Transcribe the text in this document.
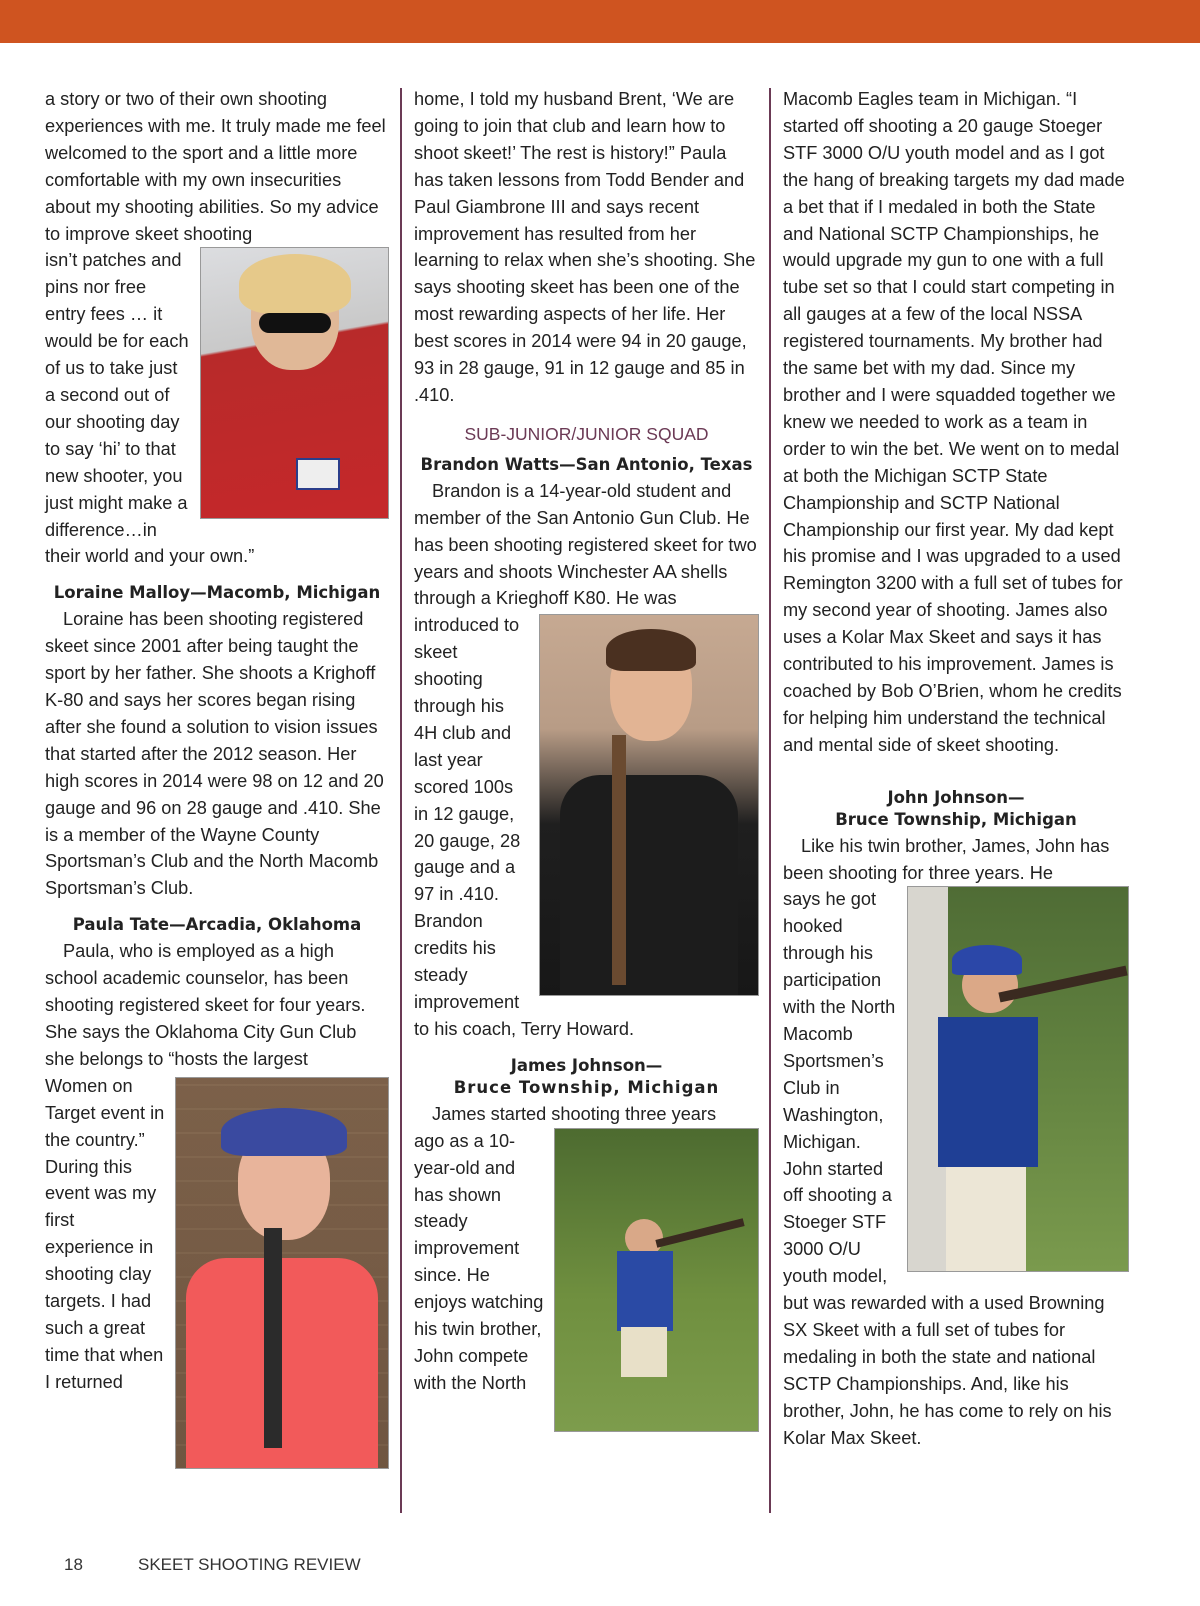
a story or two of their own shooting experiences with me. It truly made me feel welcomed to the sport and a little more comfortable with my own insecurities about my shooting abilities. So my advice to improve skeet shooting

isn’t patches and pins nor free entry fees … it would be for each of us to take just a second out of our shooting day to say ‘hi’ to that new shooter, you just might make a difference…in their world and your own.”

Loraine Malloy—Macomb, Michigan

Loraine has been shooting registered skeet since 2001 after being taught the sport by her father. She shoots a Krighoff K-80 and says her scores began rising after she found a solution to vision issues that started after the 2012 season. Her high scores in 2014 were 98 on 12 and 20 gauge and 96 on 28 gauge and .410. She is a member of the Wayne County Sportsman’s Club and the North Macomb Sportsman’s Club.

Paula Tate—Arcadia, Oklahoma

Paula, who is employed as a high school academic counselor, has been shooting registered skeet for four years. She says the Oklahoma City Gun Club she belongs to “hosts the largest

Women on Target event in the country.” During this event was my first experience in shooting clay targets. I had such a great time that when I returned

home, I told my husband Brent, ‘We are going to join that club and learn how to shoot skeet!’ The rest is history!” Paula has taken lessons from Todd Bender and Paul Giambrone III and says recent improvement has resulted from her learning to relax when she’s shooting. She says shooting skeet has been one of the most rewarding aspects of her life. Her best scores in 2014 were 94 in 20 gauge, 93 in 28 gauge, 91 in 12 gauge and 85 in .410.

SUB-JUNIOR/JUNIOR SQUAD

Brandon Watts—San Antonio, Texas

Brandon is a 14-year-old student and member of the San Antonio Gun Club. He has been shooting registered skeet for two years and shoots Winchester AA shells through a Krieghoff K80. He was

introduced to skeet shooting through his 4H club and last year scored 100s in 12 gauge, 20 gauge, 28 gauge and a 97 in .410. Brandon credits his steady improvement to his coach, Terry Howard.

James Johnson—

Bruce Township, Michigan

James started shooting three years

ago as a 10-year-old and has shown steady improvement since. He enjoys watching his twin brother, John compete with the North

Macomb Eagles team in Michigan. “I started off shooting a 20 gauge Stoeger STF 3000 O/U youth model and as I got the hang of breaking targets my dad made a bet that if I medaled in both the State and National SCTP Championships, he would upgrade my gun to one with a full tube set so that I could start competing in all gauges at a few of the local NSSA registered tournaments. My brother had the same bet with my dad. Since my brother and I were squadded together we knew we needed to work as a team in order to win the bet. We went on to medal at both the Michigan SCTP State Championship and SCTP National Championship our first year. My dad kept his promise and I was upgraded to a used Remington 3200 with a full set of tubes for my second year of shooting. James also uses a Kolar Max Skeet and says it has contributed to his improvement. James is coached by Bob O’Brien, whom he credits for helping him understand the technical and mental side of skeet shooting.

John Johnson—

Bruce Township, Michigan

Like his twin brother, James, John has been shooting for three years. He

says he got hooked through his participation with the North Macomb Sportsmen’s Club in Washington, Michigan. John started off shooting a Stoeger STF 3000 O/U youth model, but was rewarded with a used Browning SX Skeet with a full set of tubes for medaling in both the state and national SCTP Championships. And, like his brother, John, he has come to rely on his Kolar Max Skeet.

18	SKEET SHOOTING REVIEW
